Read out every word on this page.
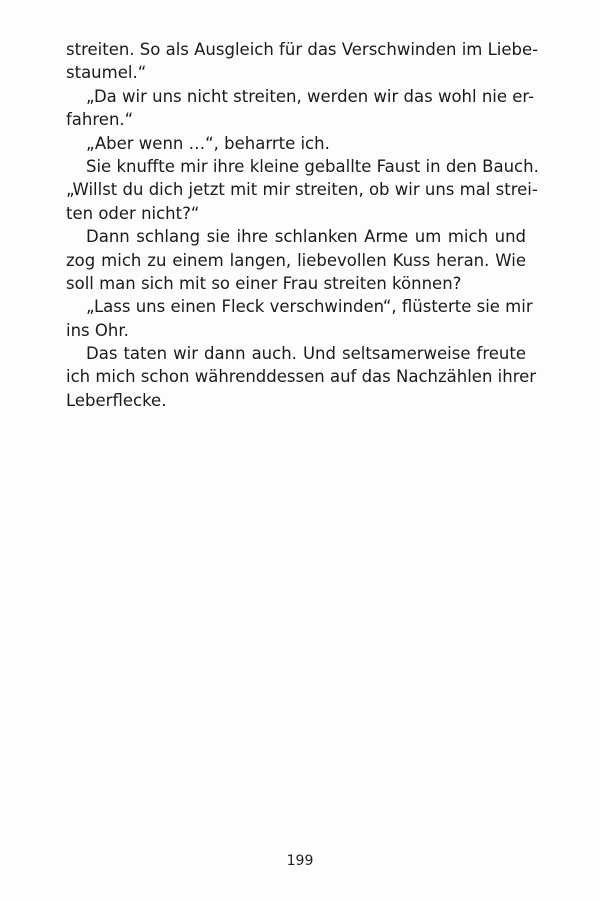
streiten. So als Ausgleich für das Verschwinden im Liebe-
staumel.“
„Da wir uns nicht streiten, werden wir das wohl nie er-
fahren.“
„Aber wenn …“, beharrte ich.
Sie knuffte mir ihre kleine geballte Faust in den Bauch.
„Willst du dich jetzt mit mir streiten, ob wir uns mal strei-
ten oder nicht?“
Dann schlang sie ihre schlanken Arme um mich und
zog mich zu einem langen, liebevollen Kuss heran. Wie
soll man sich mit so einer Frau streiten können?
„Lass uns einen Fleck verschwinden“, flüsterte sie mir
ins Ohr.
Das taten wir dann auch. Und seltsamerweise freute
ich mich schon währenddessen auf das Nachzählen ihrer
Leberflecke.
199
